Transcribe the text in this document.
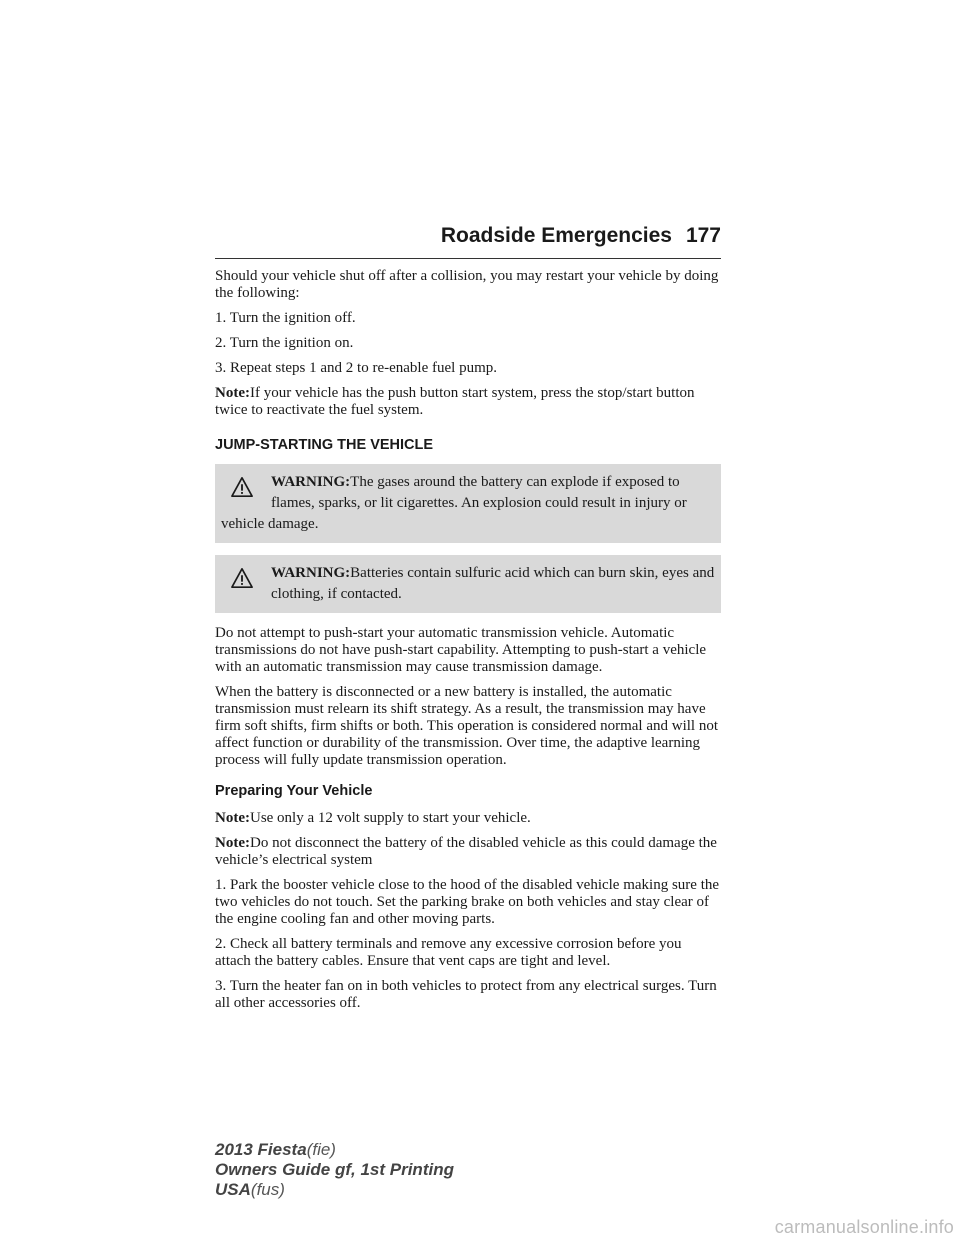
Roadside Emergencies 177

Should your vehicle shut off after a collision, you may restart your vehicle by doing the following:

1. Turn the ignition off.

2. Turn the ignition on.

3. Repeat steps 1 and 2 to re-enable fuel pump.

Note:If your vehicle has the push button start system, press the stop/start button twice to reactivate the fuel system.

JUMP-STARTING THE VEHICLE
WARNING:The gases around the battery can explode if exposed to flames, sparks, or lit cigarettes. An explosion could result in injury or vehicle damage.
WARNING:Batteries contain sulfuric acid which can burn skin, eyes and clothing, if contacted.

Do not attempt to push-start your automatic transmission vehicle. Automatic transmissions do not have push-start capability. Attempting to push-start a vehicle with an automatic transmission may cause transmission damage.

When the battery is disconnected or a new battery is installed, the automatic transmission must relearn its shift strategy. As a result, the transmission may have firm soft shifts, firm shifts or both. This operation is considered normal and will not affect function or durability of the transmission. Over time, the adaptive learning process will fully update transmission operation.

Preparing Your Vehicle

Note:Use only a 12 volt supply to start your vehicle.

Note:Do not disconnect the battery of the disabled vehicle as this could damage the vehicle’s electrical system

1. Park the booster vehicle close to the hood of the disabled vehicle making sure the two vehicles do not touch. Set the parking brake on both vehicles and stay clear of the engine cooling fan and other moving parts.

2. Check all battery terminals and remove any excessive corrosion before you attach the battery cables. Ensure that vent caps are tight and level.

3. Turn the heater fan on in both vehicles to protect from any electrical surges. Turn all other accessories off.

2013 Fiesta(fie)
Owners Guide gf, 1st Printing
USA(fus)
carmanualsonline.info
